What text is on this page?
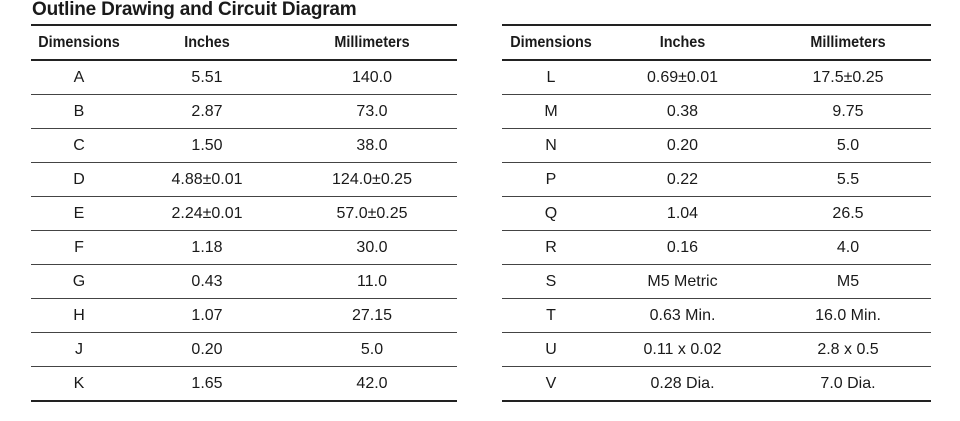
Outline Drawing and Circuit Diagram
Dimensions	Inches	Millimeters
A	5.51	140.0
B	2.87	73.0
C	1.50	38.0
D	4.88±0.01	124.0±0.25
E	2.24±0.01	57.0±0.25
F	1.18	30.0
G	0.43	11.0
H	1.07	27.15
J	0.20	5.0
K	1.65	42.0
Dimensions	Inches	Millimeters
L	0.69±0.01	17.5±0.25
M	0.38	9.75
N	0.20	5.0
P	0.22	5.5
Q	1.04	26.5
R	0.16	4.0
S	M5 Metric	M5
T	0.63 Min.	16.0 Min.
U	0.11 x 0.02	2.8 x 0.5
V	0.28 Dia.	7.0 Dia.
